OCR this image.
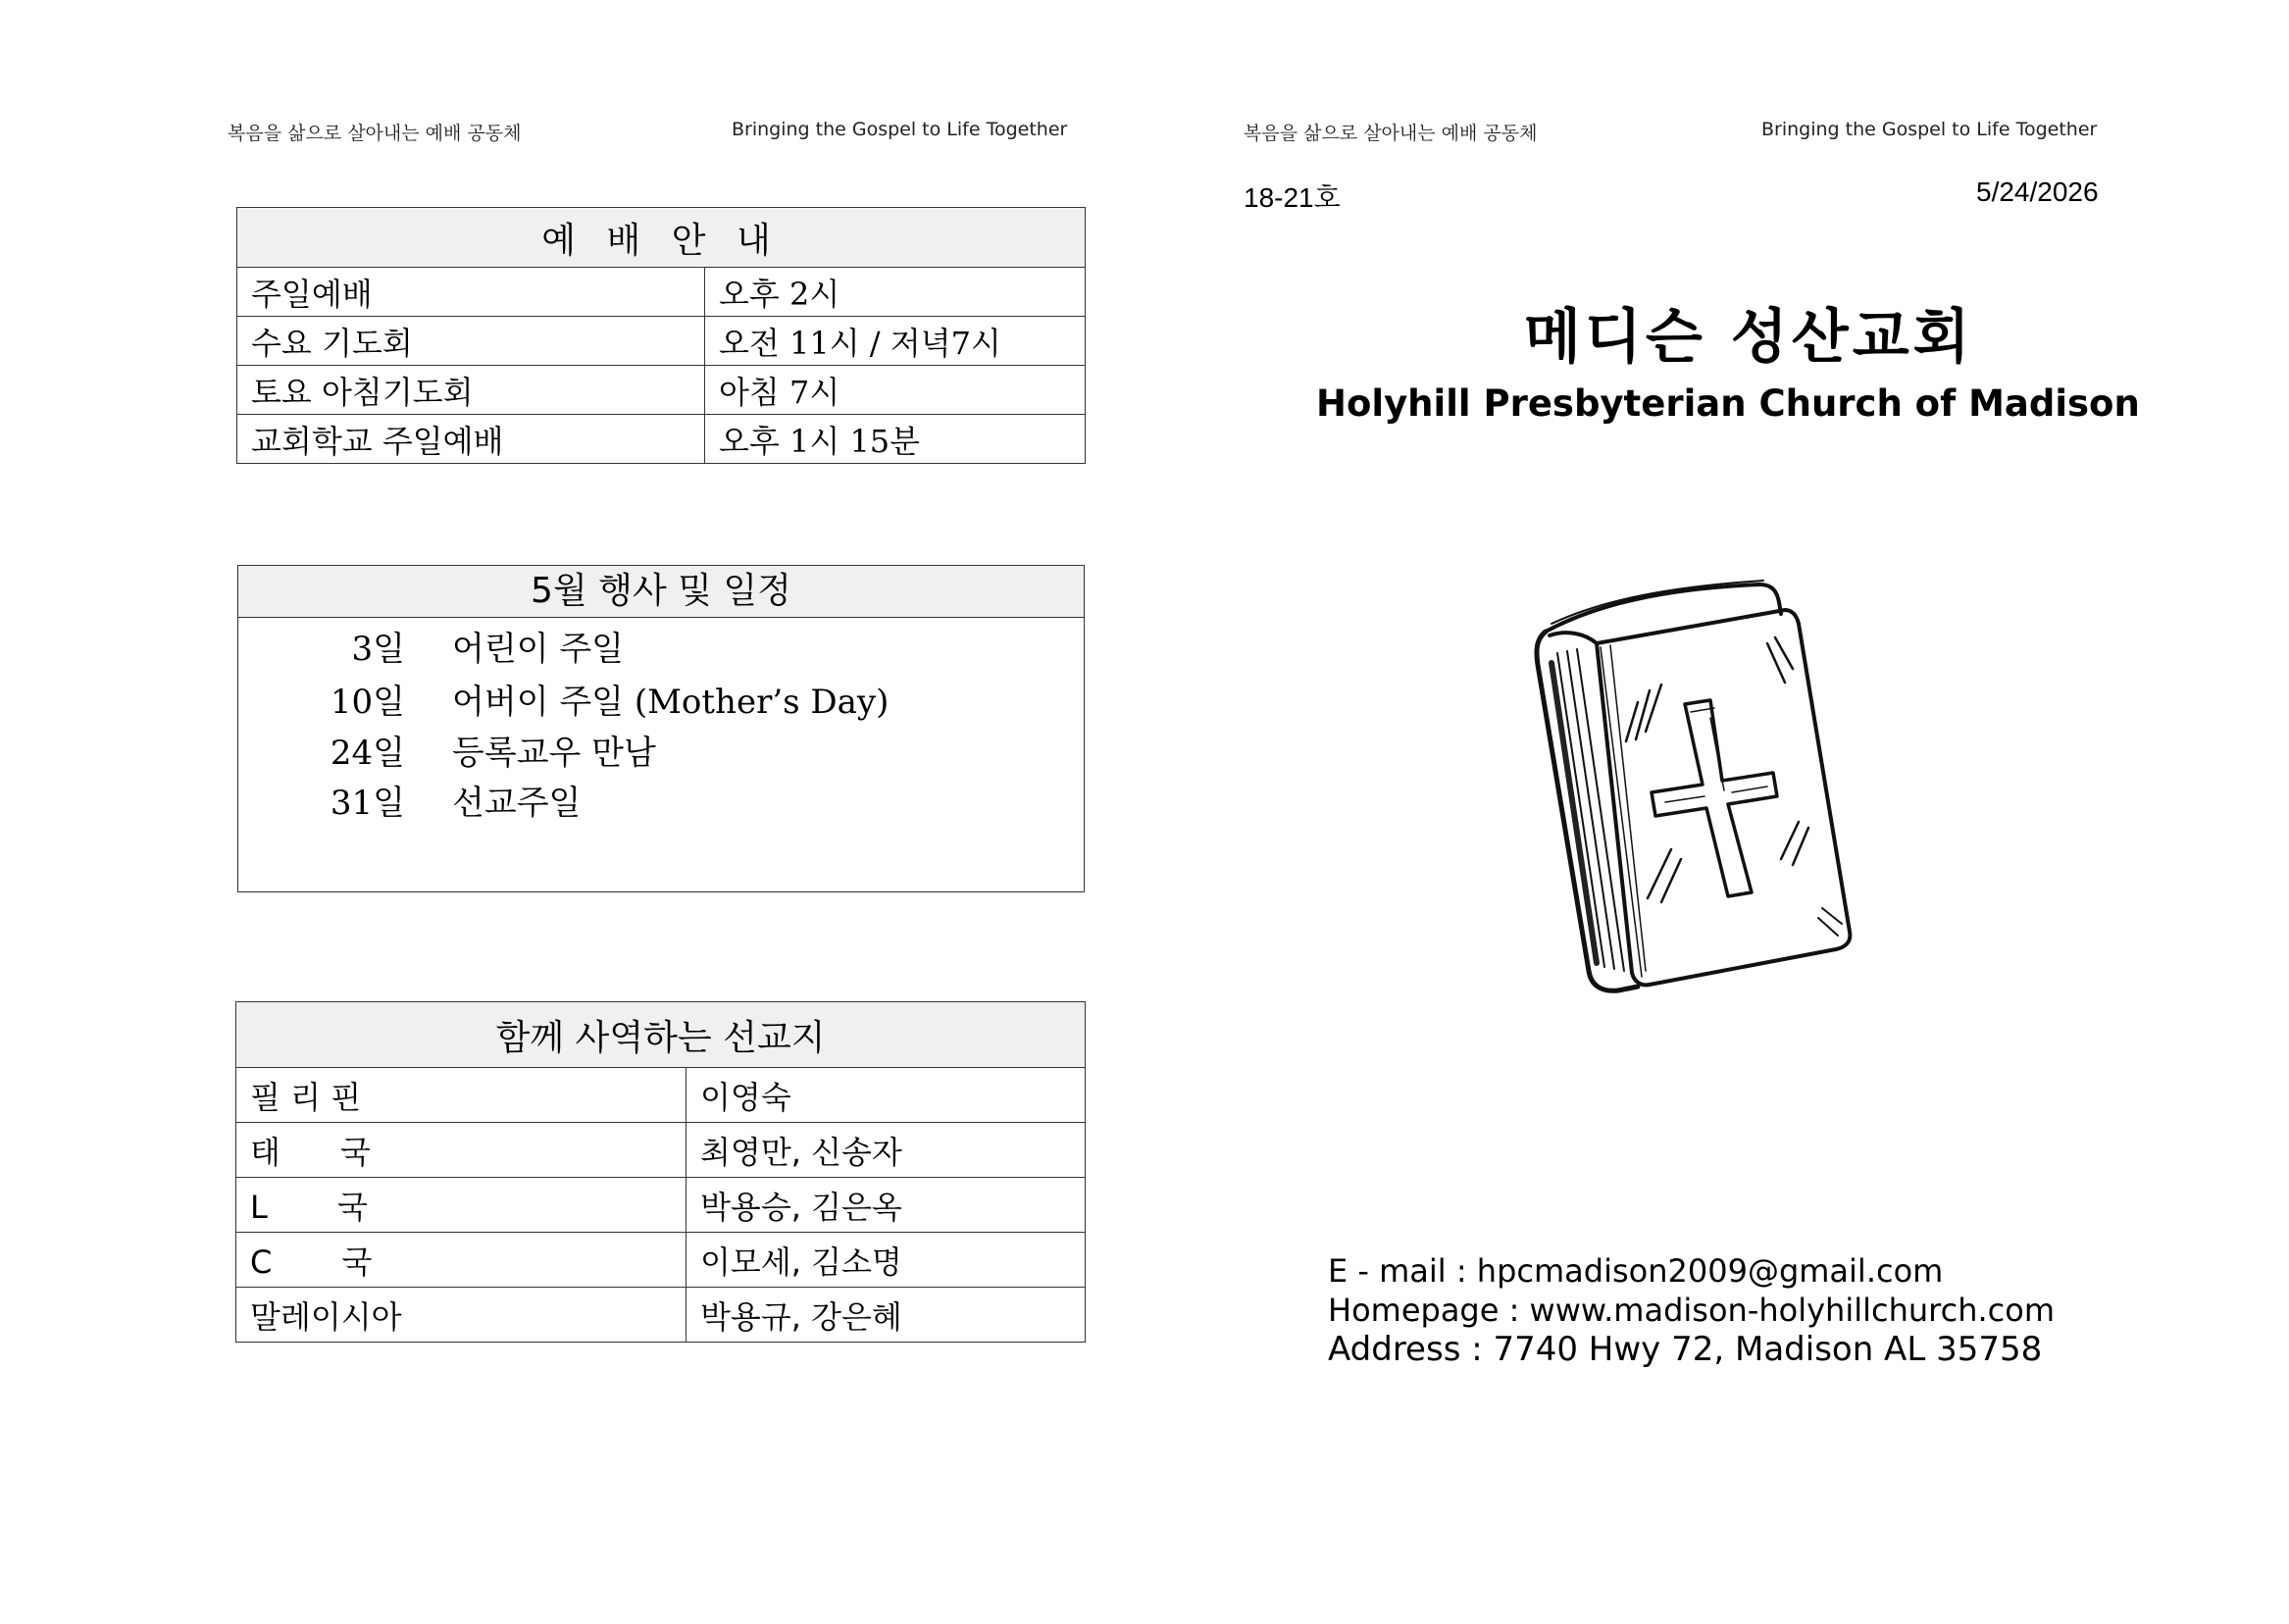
복음을 삶으로 살아내는 예배 공동체	Bringing the Gospel to Life Together
예 배 안 내	
주일예배	오후 2시
수요 기도회	오전 11시 / 저녁7시
토요 아침기도회	아침 7시
교회학교 주일예배	오후 1시 15분
5월 행사 및 일정
3일 어린이 주일
10일 어버이 주일 (Mother’s Day)
24일 등록교우 만남
31일 선교주일
함께 사역하는 선교지	
필 리 핀	이영숙
태      국	최영만, 신송자
L       국	박용승, 김은옥
C       국	이모세, 김소명
말레이시아	박용규, 강은혜
복음을 삶으로 살아내는 예배 공동체	Bringing the Gospel to Life Together
18-21호	5/24/2026
메디슨 성산교회
Holyhill Presbyterian Church of Madison
E - mail : hpcmadison2009@gmail.com
Homepage : www.madison-holyhillchurch.com
Address : 7740 Hwy 72, Madison AL 35758
